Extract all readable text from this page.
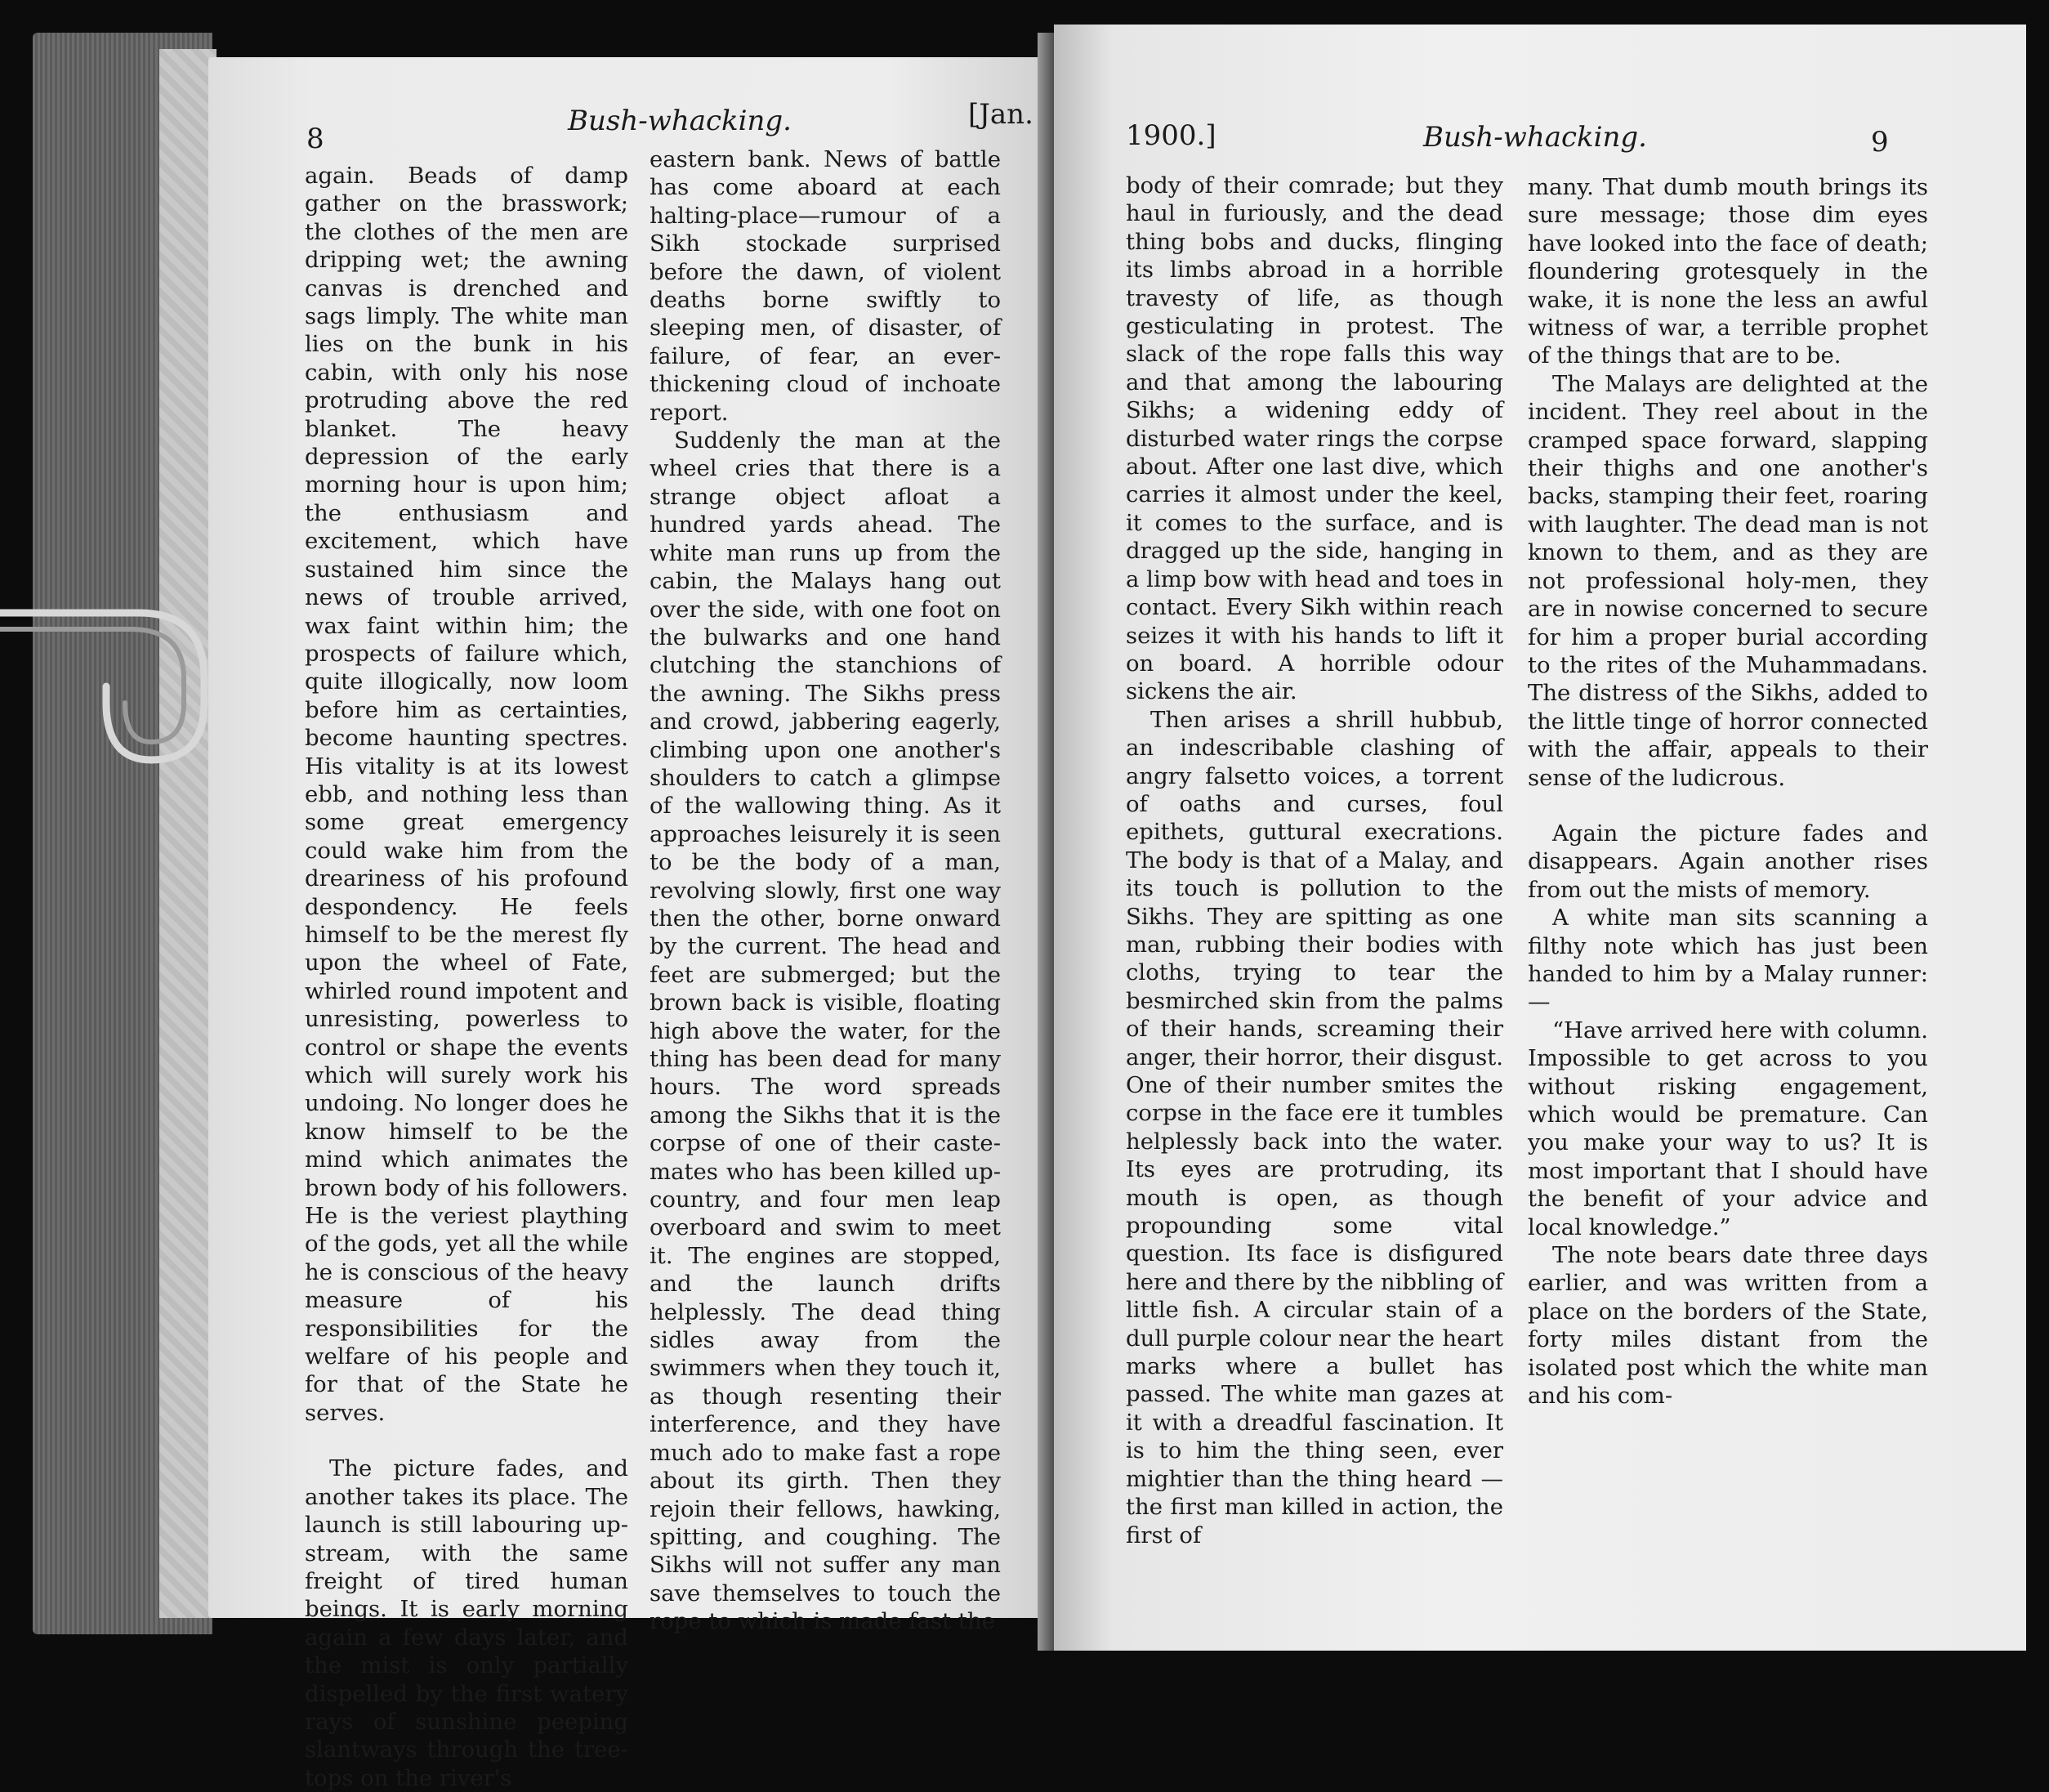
8
Bush-whacking.	[Jan.

again. Beads of damp gather on the brasswork; the clothes of the men are dripping wet; the awning canvas is drenched and sags limply. The white man lies on the bunk in his cabin, with only his nose protruding above the red blanket. The heavy depression of the early morning hour is upon him; the enthusiasm and excitement, which have sustained him since the news of trouble arrived, wax faint within him; the prospects of failure which, quite illogically, now loom before him as certainties, become haunting spectres. His vitality is at its lowest ebb, and nothing less than some great emergency could wake him from the dreariness of his profound despondency. He feels himself to be the merest fly upon the wheel of Fate, whirled round impotent and unresisting, powerless to control or shape the events which will surely work his undoing. No longer does he know himself to be the mind which animates the brown body of his followers. He is the veriest plaything of the gods, yet all the while he is conscious of the heavy measure of his responsibilities for the welfare of his people and for that of the State he serves.

The picture fades, and another takes its place. The launch is still labouring up-stream, with the same freight of tired human beings. It is early morning again a few days later, and the mist is only partially dispelled by the first watery rays of sunshine peeping slantways through the tree-tops on the river's

eastern bank. News of battle has come aboard at each halting-place—rumour of a Sikh stockade surprised before the dawn, of violent deaths borne swiftly to sleeping men, of disaster, of failure, of fear, an ever-thickening cloud of inchoate report.

Suddenly the man at the wheel cries that there is a strange object afloat a hundred yards ahead. The white man runs up from the cabin, the Malays hang out over the side, with one foot on the bulwarks and one hand clutching the stanchions of the awning. The Sikhs press and crowd, jabbering eagerly, climbing upon one another's shoulders to catch a glimpse of the wallowing thing. As it approaches leisurely it is seen to be the body of a man, revolving slowly, first one way then the other, borne onward by the current. The head and feet are submerged; but the brown back is visible, floating high above the water, for the thing has been dead for many hours. The word spreads among the Sikhs that it is the corpse of one of their caste-mates who has been killed up-country, and four men leap overboard and swim to meet it. The engines are stopped, and the launch drifts helplessly. The dead thing sidles away from the swimmers when they touch it, as though resenting their interference, and they have much ado to make fast a rope about its girth. Then they rejoin their fellows, hawking, spitting, and coughing. The Sikhs will not suffer any man save themselves to touch the rope to which is made fast the

1900.]	Bush-whacking.	9

body of their comrade; but they haul in furiously, and the dead thing bobs and ducks, flinging its limbs abroad in a horrible travesty of life, as though gesticulating in protest. The slack of the rope falls this way and that among the labouring Sikhs; a widening eddy of disturbed water rings the corpse about. After one last dive, which carries it almost under the keel, it comes to the surface, and is dragged up the side, hanging in a limp bow with head and toes in contact. Every Sikh within reach seizes it with his hands to lift it on board. A horrible odour sickens the air.

Then arises a shrill hubbub, an indescribable clashing of angry falsetto voices, a torrent of oaths and curses, foul epithets, guttural execrations. The body is that of a Malay, and its touch is pollution to the Sikhs. They are spitting as one man, rubbing their bodies with cloths, trying to tear the besmirched skin from the palms of their hands, screaming their anger, their horror, their disgust. One of their number smites the corpse in the face ere it tumbles helplessly back into the water. Its eyes are protruding, its mouth is open, as though propounding some vital question. Its face is disfigured here and there by the nibbling of little fish. A circular stain of a dull purple colour near the heart marks where a bullet has passed. The white man gazes at it with a dreadful fascination. It is to him the thing seen, ever mightier than the thing heard — the first man killed in action, the first of

many. That dumb mouth brings its sure message; those dim eyes have looked into the face of death; floundering grotesquely in the wake, it is none the less an awful witness of war, a terrible prophet of the things that are to be.

The Malays are delighted at the incident. They reel about in the cramped space forward, slapping their thighs and one another's backs, stamping their feet, roaring with laughter. The dead man is not known to them, and as they are not professional holy-men, they are in nowise concerned to secure for him a proper burial according to the rites of the Muhammadans. The distress of the Sikhs, added to the little tinge of horror connected with the affair, appeals to their sense of the ludicrous.

Again the picture fades and disappears. Again another rises from out the mists of memory.

A white man sits scanning a filthy note which has just been handed to him by a Malay runner:—

“Have arrived here with column. Impossible to get across to you without risking engagement, which would be premature. Can you make your way to us? It is most important that I should have the benefit of your advice and local knowledge.”

The note bears date three days earlier, and was written from a place on the borders of the State, forty miles distant from the isolated post which the white man and his com-
